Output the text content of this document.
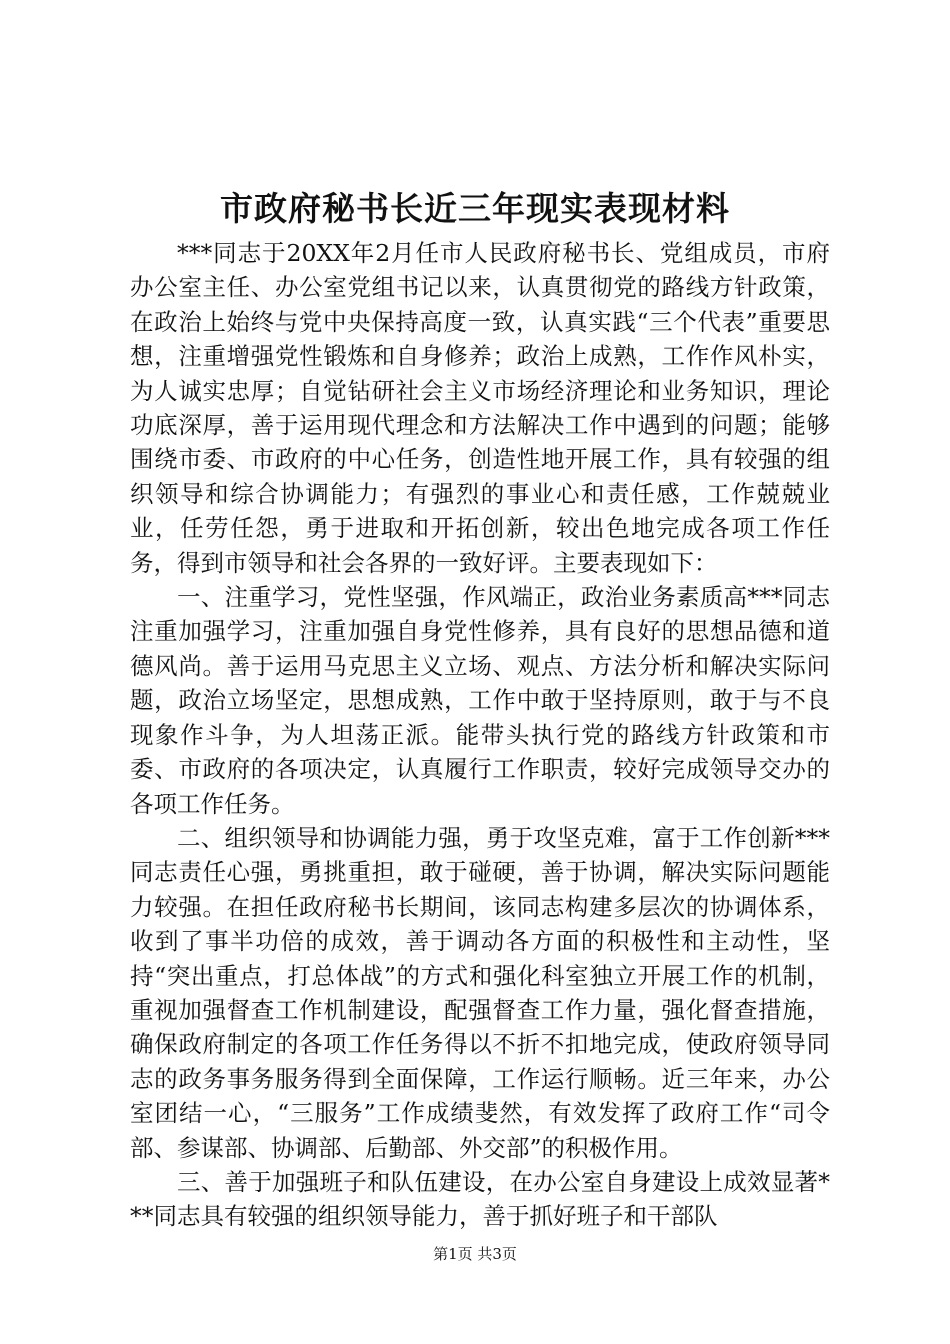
市政府秘书长近三年现实表现材料

***同志于20XX年2月任市人民政府秘书长、党组成员，市府办公室主任、办公室党组书记以来，认真贯彻党的路线方针政策，在政治上始终与党中央保持高度一致，认真实践“三个代表”重要思想，注重增强党性锻炼和自身修养；政治上成熟，工作作风朴实，为人诚实忠厚；自觉钻研社会主义市场经济理论和业务知识，理论功底深厚，善于运用现代理念和方法解决工作中遇到的问题；能够围绕市委、市政府的中心任务，创造性地开展工作，具有较强的组织领导和综合协调能力；有强烈的事业心和责任感，工作兢兢业业，任劳任怨，勇于进取和开拓创新，较出色地完成各项工作任务，得到市领导和社会各界的一致好评。主要表现如下：

一、注重学习，党性坚强，作风端正，政治业务素质高***同志注重加强学习，注重加强自身党性修养，具有良好的思想品德和道德风尚。善于运用马克思主义立场、观点、方法分析和解决实际问题，政治立场坚定，思想成熟，工作中敢于坚持原则，敢于与不良现象作斗争，为人坦荡正派。能带头执行党的路线方针政策和市委、市政府的各项决定，认真履行工作职责，较好完成领导交办的各项工作任务。

二、组织领导和协调能力强，勇于攻坚克难，富于工作创新***同志责任心强，勇挑重担，敢于碰硬，善于协调，解决实际问题能力较强。在担任政府秘书长期间，该同志构建多层次的协调体系，收到了事半功倍的成效，善于调动各方面的积极性和主动性，坚持“突出重点，打总体战”的方式和强化科室独立开展工作的机制，重视加强督查工作机制建设，配强督查工作力量，强化督查措施，确保政府制定的各项工作任务得以不折不扣地完成，使政府领导同志的政务事务服务得到全面保障，工作运行顺畅。近三年来，办公室团结一心，“三服务”工作成绩斐然，有效发挥了政府工作“司令部、参谋部、协调部、后勤部、外交部”的积极作用。

三、善于加强班子和队伍建设，在办公室自身建设上成效显著***同志具有较强的组织领导能力，善于抓好班子和干部队

第1页 共3页
